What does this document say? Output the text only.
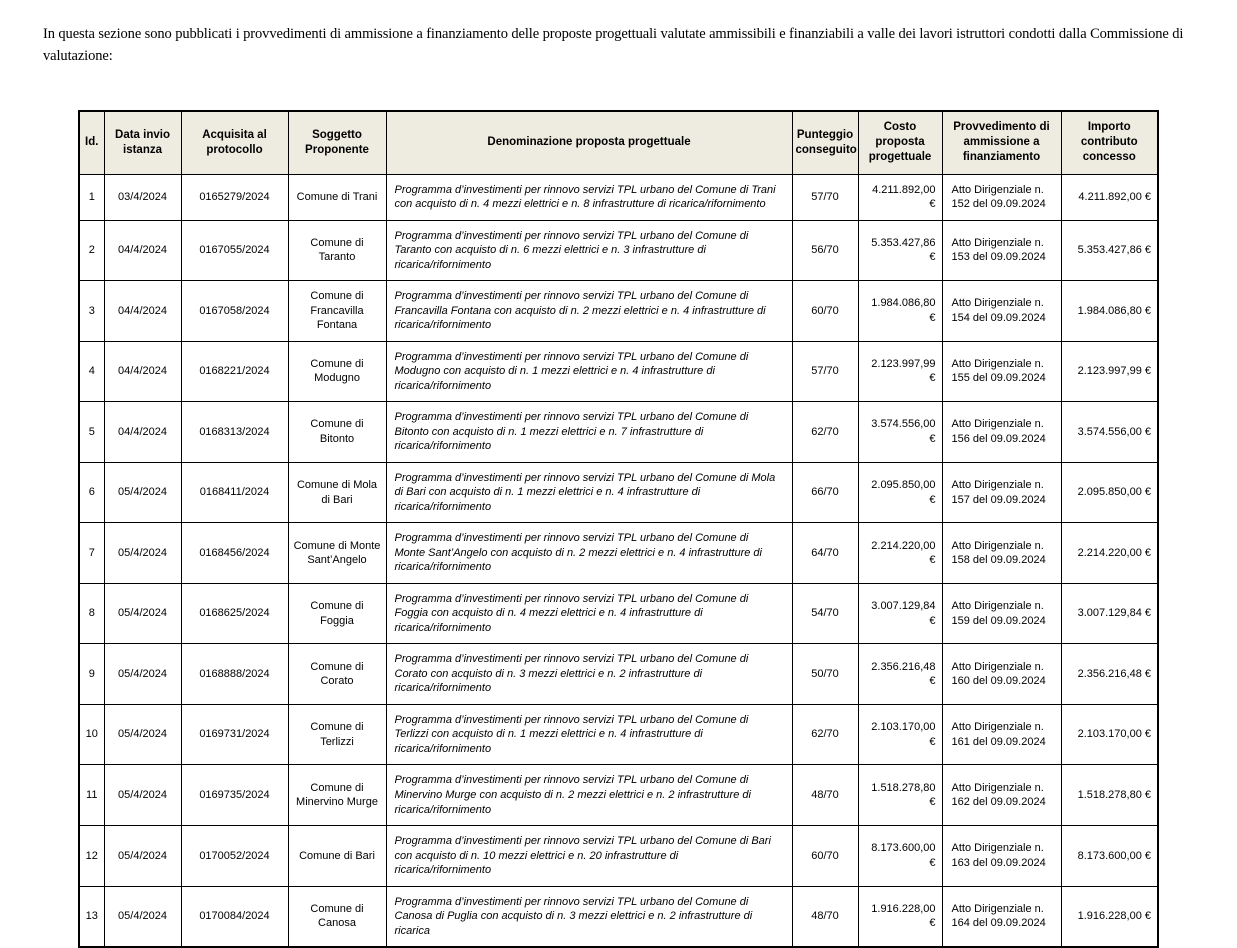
In questa sezione sono pubblicati i provvedimenti di ammissione a finanziamento delle proposte progettuali valutate ammissibili e finanziabili a valle dei lavori istruttori condotti dalla Commissione di valutazione:

Id.	Data invio istanza	Acquisita al protocollo	Soggetto Proponente	Denominazione proposta progettuale	Punteggio conseguito	Costo proposta progettuale	Provvedimento di ammissione a finanziamento	Importo contributo concesso
1	03/4/2024	0165279/2024	Comune di Trani	Programma d’investimenti per rinnovo servizi TPL urbano del Comune di Trani con acquisto di n. 4 mezzi elettrici e n. 8 infrastrutture di ricarica/rifornimento	57/70	4.211.892,00 €	Atto Dirigenziale n. 152 del 09.09.2024	4.211.892,00 €
2	04/4/2024	0167055/2024	Comune di Taranto	Programma d’investimenti per rinnovo servizi TPL urbano del Comune di Taranto con acquisto di n. 6 mezzi elettrici e n. 3 infrastrutture di ricarica/rifornimento	56/70	5.353.427,86 €	Atto Dirigenziale n. 153 del 09.09.2024	5.353.427,86 €
3	04/4/2024	0167058/2024	Comune di Francavilla Fontana	Programma d’investimenti per rinnovo servizi TPL urbano del Comune di Francavilla Fontana con acquisto di n. 2 mezzi elettrici e n. 4 infrastrutture di ricarica/rifornimento	60/70	1.984.086,80 €	Atto Dirigenziale n. 154 del 09.09.2024	1.984.086,80 €
4	04/4/2024	0168221/2024	Comune di Modugno	Programma d’investimenti per rinnovo servizi TPL urbano del Comune di Modugno con acquisto di n. 1 mezzi elettrici e n. 4 infrastrutture di ricarica/rifornimento	57/70	2.123.997,99 €	Atto Dirigenziale n. 155 del 09.09.2024	2.123.997,99 €
5	04/4/2024	0168313/2024	Comune di Bitonto	Programma d’investimenti per rinnovo servizi TPL urbano del Comune di Bitonto con acquisto di n. 1 mezzi elettrici e n. 7 infrastrutture di ricarica/rifornimento	62/70	3.574.556,00 €	Atto Dirigenziale n. 156 del 09.09.2024	3.574.556,00 €
6	05/4/2024	0168411/2024	Comune di Mola di Bari	Programma d’investimenti per rinnovo servizi TPL urbano del Comune di Mola di Bari con acquisto di n. 1 mezzi elettrici e n. 4 infrastrutture di ricarica/rifornimento	66/70	2.095.850,00 €	Atto Dirigenziale n. 157 del 09.09.2024	2.095.850,00 €
7	05/4/2024	0168456/2024	Comune di Monte Sant’Angelo	Programma d’investimenti per rinnovo servizi TPL urbano del Comune di Monte Sant’Angelo con acquisto di n. 2 mezzi elettrici e n. 4 infrastrutture di ricarica/rifornimento	64/70	2.214.220,00 €	Atto Dirigenziale n. 158 del 09.09.2024	2.214.220,00 €
8	05/4/2024	0168625/2024	Comune di Foggia	Programma d’investimenti per rinnovo servizi TPL urbano del Comune di Foggia con acquisto di n. 4 mezzi elettrici e n. 4 infrastrutture di ricarica/rifornimento	54/70	3.007.129,84 €	Atto Dirigenziale n. 159 del 09.09.2024	3.007.129,84 €
9	05/4/2024	0168888/2024	Comune di Corato	Programma d’investimenti per rinnovo servizi TPL urbano del Comune di Corato con acquisto di n. 3 mezzi elettrici e n. 2 infrastrutture di ricarica/rifornimento	50/70	2.356.216,48 €	Atto Dirigenziale n. 160 del 09.09.2024	2.356.216,48 €
10	05/4/2024	0169731/2024	Comune di Terlizzi	Programma d’investimenti per rinnovo servizi TPL urbano del Comune di Terlizzi con acquisto di n. 1 mezzi elettrici e n. 4 infrastrutture di ricarica/rifornimento	62/70	2.103.170,00 €	Atto Dirigenziale n. 161 del 09.09.2024	2.103.170,00 €
11	05/4/2024	0169735/2024	Comune di Minervino Murge	Programma d’investimenti per rinnovo servizi TPL urbano del Comune di Minervino Murge con acquisto di n. 2 mezzi elettrici e n. 2 infrastrutture di ricarica/rifornimento	48/70	1.518.278,80 €	Atto Dirigenziale n. 162 del 09.09.2024	1.518.278,80 €
12	05/4/2024	0170052/2024	Comune di Bari	Programma d’investimenti per rinnovo servizi TPL urbano del Comune di Bari con acquisto di n. 10 mezzi elettrici e n. 20 infrastrutture di ricarica/rifornimento	60/70	8.173.600,00 €	Atto Dirigenziale n. 163 del 09.09.2024	8.173.600,00 €
13	05/4/2024	0170084/2024	Comune di Canosa	Programma d’investimenti per rinnovo servizi TPL urbano del Comune di Canosa di Puglia con acquisto di n. 3 mezzi elettrici e n. 2 infrastrutture di ricarica	48/70	1.916.228,00 €	Atto Dirigenziale n. 164 del 09.09.2024	1.916.228,00 €
